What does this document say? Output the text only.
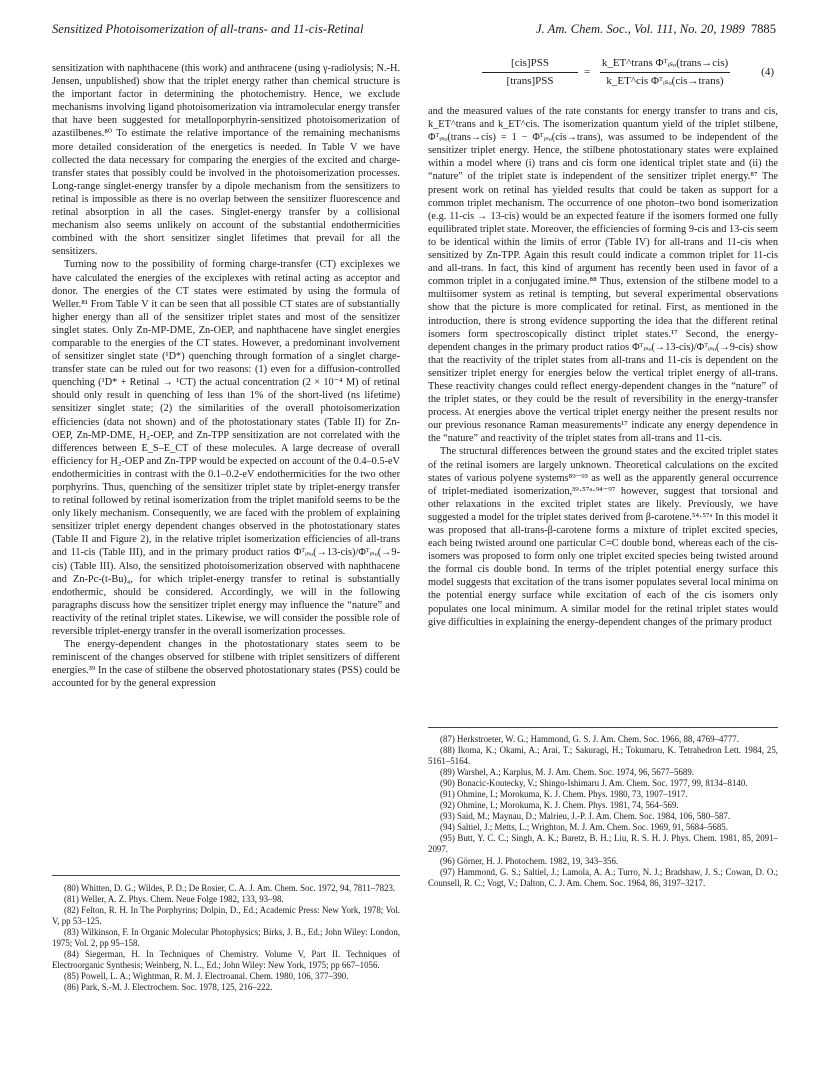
Sensitized Photoisomerization of all-trans- and 11-cis-Retinal	J. Am. Chem. Soc., Vol. 111, No. 20, 1989 7885

sensitization with naphthacene (this work) and anthracene (using γ-radiolysis; N.-H. Jensen, unpublished) show that the triplet energy rather than chemical structure is the important factor in determining the photochemistry. Hence, we exclude mechanisms involving ligand photoisomerization via intramolecular energy transfer that have been suggested for metalloporphyrin-sensitized photoisomerization of azastilbenes.⁸⁰ To estimate the relative importance of the remaining mechanisms more detailed consideration of the energetics is needed. In Table V we have collected the data necessary for comparing the energies of the excited and charge-transfer states that possibly could be involved in the photoisomerization processes. Long-range singlet-energy transfer by a dipole mechanism from the sensitizers to retinal is impossible as there is no overlap between the sensitizer fluorescence and retinal absorption in all the cases. Singlet-energy transfer by a collisional mechanism also seems unlikely on account of the substantial endothermicities combined with the short sensitizer singlet lifetimes that prevail for all the sensitizers.

Turning now to the possibility of forming charge-transfer (CT) exciplexes we have calculated the energies of the exciplexes with retinal acting as acceptor and donor. The energies of the CT states were estimated by using the formula of Weller.⁸¹ From Table V it can be seen that all possible CT states are of substantially higher energy than all of the sensitizer triplet states and most of the sensitizer singlet states. Only Zn-MP-DME, Zn-OEP, and naphthacene have singlet energies comparable to the energies of the CT states. However, a predominant involvement of sensitizer singlet state (¹D*) quenching through formation of a singlet charge-transfer state can be ruled out for two reasons: (1) even for a diffusion-controlled quenching (¹D* + Retinal → ¹CT) the actual concentration (2 × 10⁻⁴ M) of retinal should only result in quenching of less than 1% of the short-lived (ns lifetime) sensitizer singlet state; (2) the similarities of the overall photoisomerization efficiencies (data not shown) and of the photostationary states (Table II) for Zn-OEP, Zn-MP-DME, H₂-OEP, and Zn-TPP sensitization are not correlated with the differences between E_S–E_CT of these molecules. A large decrease of overall efficiency for H₂-OEP and Zn-TPP would be expected on account of the 0.4–0.5-eV endothermicities in contrast with the 0.1–0.2-eV endothermicities for the two other porphyrins. Thus, quenching of the sensitizer triplet state by triplet-energy transfer to retinal followed by retinal isomerization from the triplet manifold seems to be the only likely mechanism. Consequently, we are faced with the problem of explaining sensitizer triplet energy dependent changes observed in the photostationary states (Table II and Figure 2), in the relative triplet isomerization efficiencies of all-trans and 11-cis (Table III), and in the primary product ratios Φᵀᵢₛₒ(→13-cis)/Φᵀᵢₛₒ(→9-cis) (Table III). Also, the sensitized photoisomerization observed with naphthacene and Zn-Pc-(t-Bu)₄, for which triplet-energy transfer to retinal is substantially endothermic, should be considered. Accordingly, we will in the following paragraphs discuss how the sensitizer triplet energy may influence the “nature” and reactivity of the retinal triplet states. Likewise, we will consider the possible role of reversible triplet-energy transfer in the overall isomerization processes.

The energy-dependent changes in the photostationary states seem to be reminiscent of the changes observed for stilbene with triplet sensitizers of different energies.³⁹ In the case of stilbene the observed photostationary states (PSS) could be accounted for by the general expression

[cis]PSS
[trans]PSS
=
k_ET^trans Φᵀᵢₛₒ(trans→cis)
k_ET^cis Φᵀᵢₛₒ(cis→trans)
(4)

and the measured values of the rate constants for energy transfer to trans and cis, k_ET^trans and k_ET^cis. The isomerization quantum yield of the triplet stilbene, Φᵀᵢₛₒ(trans→cis) = 1 − Φᵀᵢₛₒ(cis→trans), was assumed to be independent of the sensitizer triplet energy. Hence, the stilbene photostationary states were explained within a model where (i) trans and cis form one identical triplet state and (ii) the “nature” of the triplet state is independent of the sensitizer triplet energy.⁸⁷ The present work on retinal has yielded results that could be taken as support for a common triplet mechanism. The occurrence of one photon–two bond isomerization (e.g. 11-cis → 13-cis) would be an expected feature if the isomers formed one fully equilibrated triplet state. Moreover, the efficiencies of forming 9-cis and 13-cis seem to be identical within the limits of error (Table IV) for all-trans and 11-cis when sensitized by Zn-TPP. Again this result could indicate a common triplet for 11-cis and all-trans. In fact, this kind of argument has recently been used in favor of a common triplet in a conjugated imine.⁸⁸ Thus, extension of the stilbene model to a multiisomer system as retinal is tempting, but several experimental observations show that the picture is more complicated for retinal. First, as mentioned in the introduction, there is strong evidence supporting the idea that the different retinal isomers form spectroscopically distinct triplet states.¹⁷ Second, the energy-dependent changes in the primary product ratios Φᵀᵢₛₒ(→13-cis)/Φᵀᵢₛₒ(→9-cis) show that the reactivity of the triplet states from all-trans and 11-cis is dependent on the sensitizer triplet energy for energies below the vertical triplet energy of all-trans. These reactivity changes could reflect energy-dependent changes in the “nature” of the triplet states, or they could be the result of reversibility in the energy-transfer process. At energies above the vertical triplet energy neither the present results nor our previous resonance Raman measurements¹⁷ indicate any energy dependence in the “nature” and reactivity of the triplet states from all-trans and 11-cis.

The structural differences between the ground states and the excited triplet states of the retinal isomers are largely unknown. Theoretical calculations on the excited states of various polyene systems⁸⁹⁻⁹³ as well as the apparently general occurrence of triplet-mediated isomerization,³⁹·⁵⁷ᵃ·⁹⁴⁻⁹⁷ however, suggest that torsional and other relaxations in the excited triplet states are likely. Previously, we have suggested a model for the triplet states derived from β-carotene.⁵⁴·⁵⁷ᵃ In this model it was proposed that all-trans-β-carotene forms a mixture of triplet excited species, each being twisted around one particular C=C double bond, whereas each of the cis-isomers was proposed to form only one triplet excited species being twisted around the formal cis double bond. In terms of the triplet potential energy surface this model suggests that excitation of the trans isomer populates several local minima on the potential energy surface while excitation of each of the cis isomers only populates one local minimum. A similar model for the retinal triplet states would give difficulties in explaining the energy-dependent changes of the primary product

(80) Whitten, D. G.; Wildes, P. D.; De Rosier, C. A. J. Am. Chem. Soc. 1972, 94, 7811–7823.

(81) Weller, A. Z. Phys. Chem. Neue Folge 1982, 133, 93–98.

(82) Felton, R. H. In The Porphyrins; Dolpin, D., Ed.; Academic Press: New York, 1978; Vol. V, pp 53–125.

(83) Wilkinson, F. In Organic Molecular Photophysics; Birks, J. B., Ed.; John Wiley: London, 1975; Vol. 2, pp 95–158.

(84) Siegerman, H. In Techniques of Chemistry. Volume V, Part II. Techniques of Electroorganic Synthesis; Weinberg, N. L., Ed.; John Wiley: New York, 1975; pp 667–1056.

(85) Powell, L. A.; Wightman, R. M. J. Electroanal. Chem. 1980, 106, 377–390.

(86) Park, S.-M. J. Electrochem. Soc. 1978, 125, 216–222.

(87) Herkstroeter, W. G.; Hammond, G. S. J. Am. Chem. Soc. 1966, 88, 4769–4777.

(88) Ikoma, K.; Okami, A.; Arai, T.; Sakuragi, H.; Tokumaru, K. Tetrahedron Lett. 1984, 25, 5161–5164.

(89) Warshel, A.; Karplus, M. J. Am. Chem. Soc. 1974, 96, 5677–5689.

(90) Bonacic-Koutecky, V.; Shingo-Ishimaru J. Am. Chem. Soc. 1977, 99, 8134–8140.

(91) Ohmine, I.; Morokuma, K. J. Chem. Phys. 1980, 73, 1907–1917.

(92) Ohmine, I.; Morokuma, K. J. Chem. Phys. 1981, 74, 564–569.

(93) Said, M.; Maynau, D.; Malrieu, J.-P. J. Am. Chem. Soc. 1984, 106, 580–587.

(94) Saltiel, J.; Metts, L.; Wrighton, M. J. Am. Chem. Soc. 1969, 91, 5684–5685.

(95) Butt, Y. C. C.; Singh, A. K.; Baretz, B. H.; Liu, R. S. H. J. Phys. Chem. 1981, 85, 2091–2097.

(96) Görner, H. J. Photochem. 1982, 19, 343–356.

(97) Hammond, G. S.; Saltiel, J.; Lamola, A. A.; Turro, N. J.; Bradshaw, J. S.; Cowan, D. O.; Counsell, R. C.; Vogt, V.; Dalton, C. J. Am. Chem. Soc. 1964, 86, 3197–3217.
